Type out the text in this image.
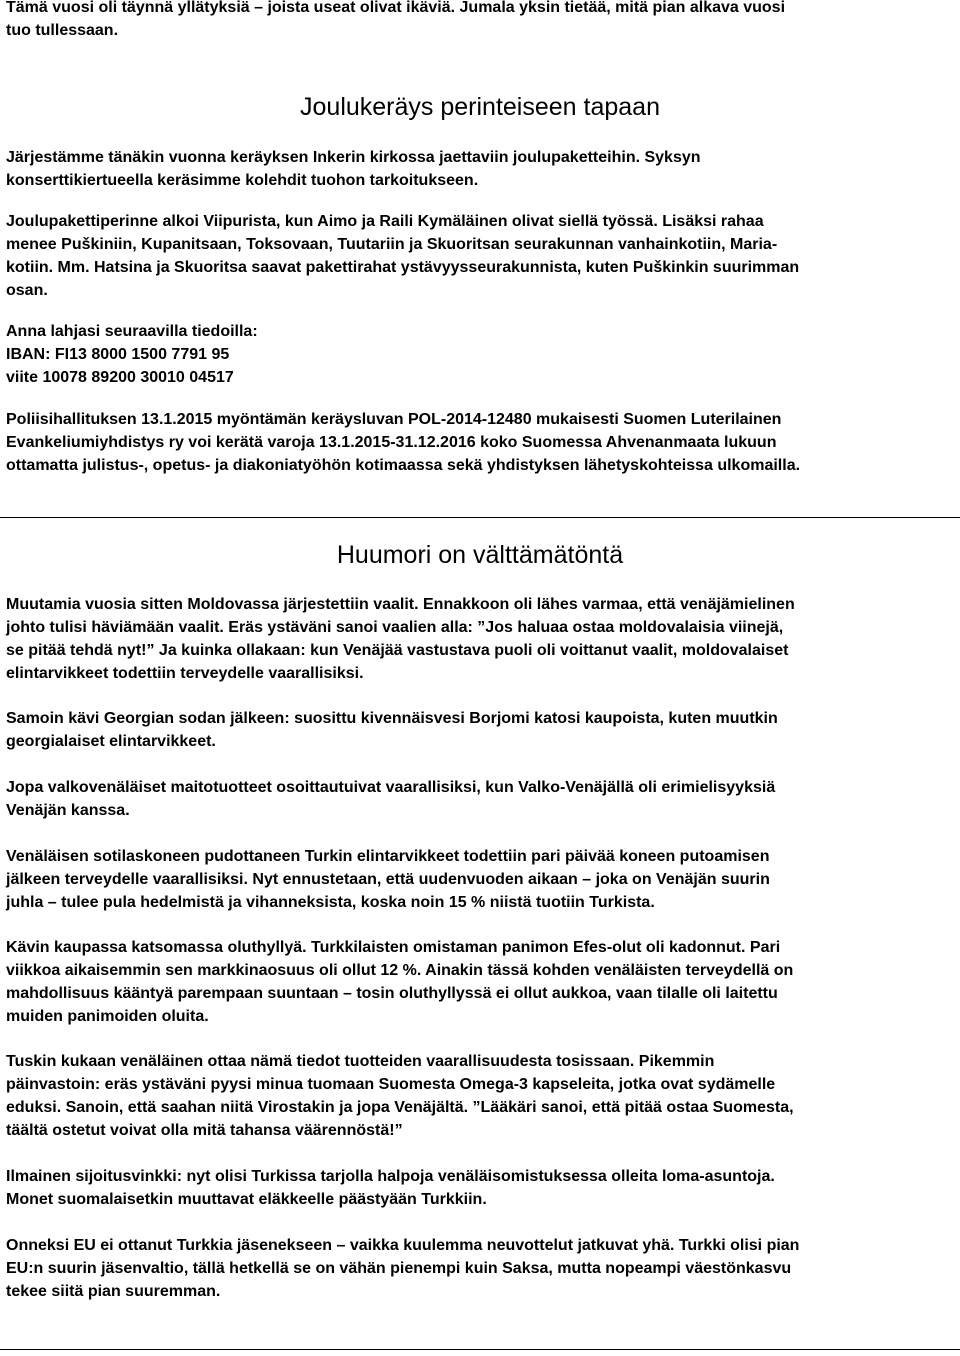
Tämä vuosi oli täynnä yllätyksiä – joista useat olivat ikäviä. Jumala yksin tietää, mitä pian alkava vuosi
tuo tullessaan.
Joulukeräys perinteiseen tapaan
Järjestämme tänäkin vuonna keräyksen Inkerin kirkossa jaettaviin joulupaketteihin. Syksyn
konserttikiertueella keräsimme kolehdit tuohon tarkoitukseen.
Joulupakettiperinne alkoi Viipurista, kun Aimo ja Raili Kymäläinen olivat siellä työssä. Lisäksi rahaa
menee Puškiniin, Kupanitsaan, Toksovaan, Tuutariin ja Skuoritsan seurakunnan vanhainkotiin, Maria-
kotiin. Mm. Hatsina ja Skuoritsa saavat pakettirahat ystävyysseurakunnista, kuten Puškinkin suurimman
osan.
Anna lahjasi seuraavilla tiedoilla:
IBAN: FI13 8000 1500 7791 95
viite 10078 89200 30010 04517
Poliisihallituksen 13.1.2015 myöntämän keräysluvan POL-2014-12480 mukaisesti Suomen Luterilainen
Evankeliumiyhdistys ry voi kerätä varoja 13.1.2015-31.12.2016 koko Suomessa Ahvenanmaata lukuun
ottamatta julistus-, opetus- ja diakoniatyöhön kotimaassa sekä yhdistyksen lähetyskohteissa ulkomailla.
Huumori on välttämätöntä
Muutamia vuosia sitten Moldovassa järjestettiin vaalit. Ennakkoon oli lähes varmaa, että venäjämielinen
johto tulisi häviämään vaalit. Eräs ystäväni sanoi vaalien alla: ”Jos haluaa ostaa moldovalaisia viinejä,
se pitää tehdä nyt!” Ja kuinka ollakaan: kun Venäjää vastustava puoli oli voittanut vaalit, moldovalaiset
elintarvikkeet todettiin terveydelle vaarallisiksi.
Samoin kävi Georgian sodan jälkeen: suosittu kivennäisvesi Borjomi katosi kaupoista, kuten muutkin
georgialaiset elintarvikkeet.
Jopa valkovenäläiset maitotuotteet osoittautuivat vaarallisiksi, kun Valko-Venäjällä oli erimielisyyksiä
Venäjän kanssa.
Venäläisen sotilaskoneen pudottaneen Turkin elintarvikkeet todettiin pari päivää koneen putoamisen
jälkeen terveydelle vaarallisiksi. Nyt ennustetaan, että uudenvuoden aikaan – joka on Venäjän suurin
juhla – tulee pula hedelmistä ja vihanneksista, koska noin 15 % niistä tuotiin Turkista.
Kävin kaupassa katsomassa oluthyllyä. Turkkilaisten omistaman panimon Efes-olut oli kadonnut. Pari
viikkoa aikaisemmin sen markkinaosuus oli ollut 12 %. Ainakin tässä kohden venäläisten terveydellä on
mahdollisuus kääntyä parempaan suuntaan – tosin oluthyllyssä ei ollut aukkoa, vaan tilalle oli laitettu
muiden panimoiden oluita.
Tuskin kukaan venäläinen ottaa nämä tiedot tuotteiden vaarallisuudesta tosissaan. Pikemmin
päinvastoin: eräs ystäväni pyysi minua tuomaan Suomesta Omega-3 kapseleita, jotka ovat sydämelle
eduksi. Sanoin, että saahan niitä Virostakin ja jopa Venäjältä. ”Lääkäri sanoi, että pitää ostaa Suomesta,
täältä ostetut voivat olla mitä tahansa väärennöstä!”
Ilmainen sijoitusvinkki: nyt olisi Turkissa tarjolla halpoja venäläisomistuksessa olleita loma-asuntoja.
Monet suomalaisetkin muuttavat eläkkeelle päästyään Turkkiin.
Onneksi EU ei ottanut Turkkia jäsenekseen – vaikka kuulemma neuvottelut jatkuvat yhä. Turkki olisi pian
EU:n suurin jäsenvaltio, tällä hetkellä se on vähän pienempi kuin Saksa, mutta nopeampi väestönkasvu
tekee siitä pian suuremman.
